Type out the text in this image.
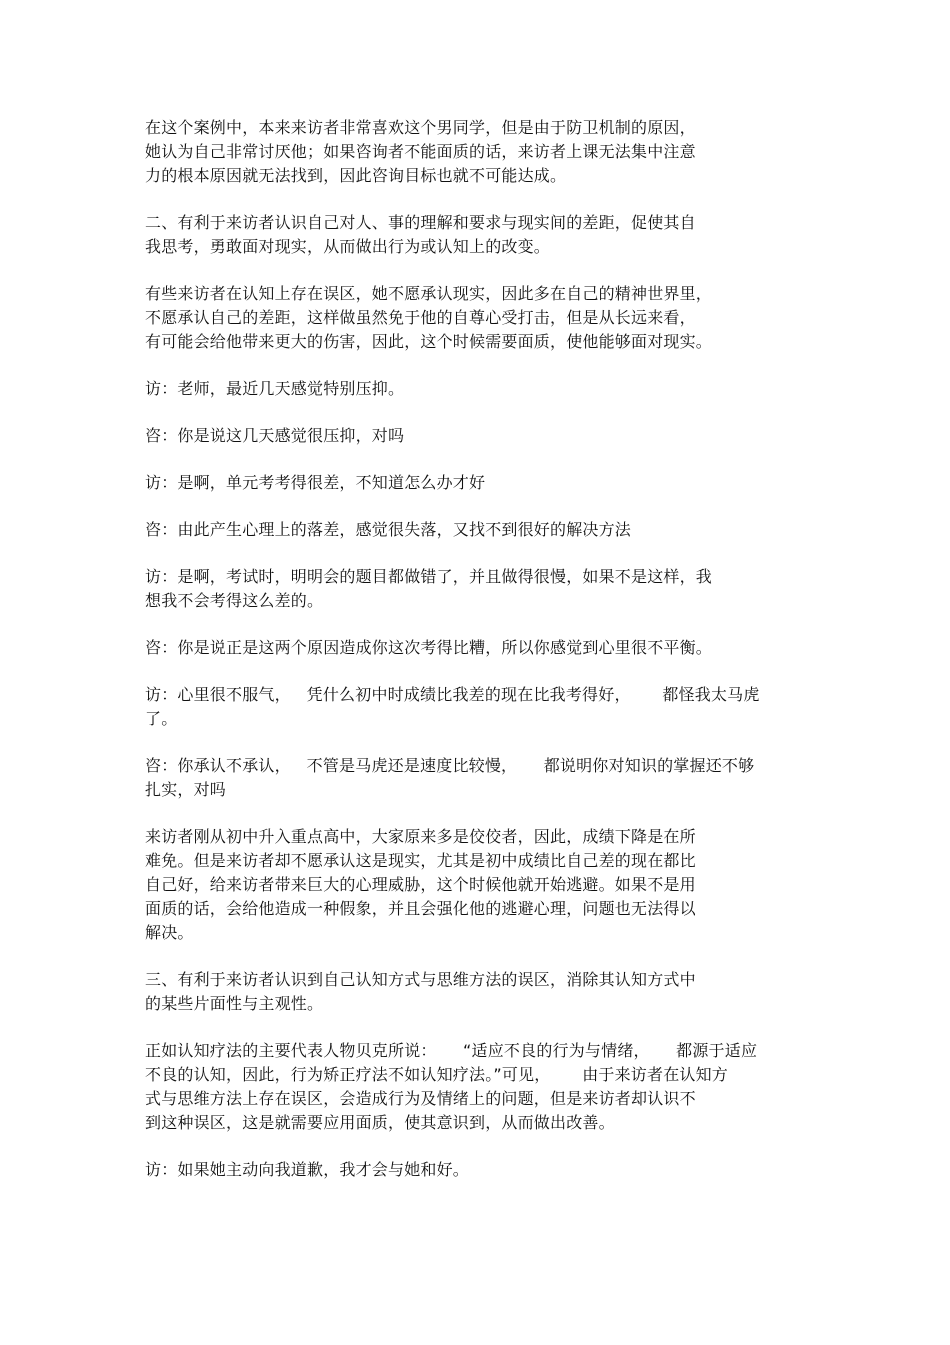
在这个案例中，本来来访者非常喜欢这个男同学，但是由于防卫机制的原因，
她认为自己非常讨厌他；如果咨询者不能面质的话，来访者上课无法集中注意
力的根本原因就无法找到，因此咨询目标也就不可能达成。
二、有利于来访者认识自己对人、事的理解和要求与现实间的差距，促使其自
我思考，勇敢面对现实，从而做出行为或认知上的改变。
有些来访者在认知上存在误区，她不愿承认现实，因此多在自己的精神世界里，
不愿承认自己的差距，这样做虽然免于他的自尊心受打击，但是从长远来看，
有可能会给他带来更大的伤害，因此，这个时候需要面质，使他能够面对现实。
访：老师，最近几天感觉特别压抑。
咨：你是说这几天感觉很压抑，对吗
访：是啊，单元考考得很差，不知道怎么办才好
咨：由此产生心理上的落差，感觉很失落，又找不到很好的解决方法
访：是啊，考试时，明明会的题目都做错了，并且做得很慢，如果不是这样，我
想我不会考得这么差的。
咨：你是说正是这两个原因造成你这次考得比糟，所以你感觉到心里很不平衡。
访：心里很不服气，   凭什么初中时成绩比我差的现在比我考得好，      都怪我太马虎
了。
咨：你承认不承认，   不管是马虎还是速度比较慢，     都说明你对知识的掌握还不够
扎实，对吗
来访者刚从初中升入重点高中，大家原来多是佼佼者，因此，成绩下降是在所
难免。但是来访者却不愿承认这是现实，尤其是初中成绩比自己差的现在都比
自己好，给来访者带来巨大的心理威胁，这个时候他就开始逃避。如果不是用
面质的话，会给他造成一种假象，并且会强化他的逃避心理，问题也无法得以
解决。
三、有利于来访者认识到自己认知方式与思维方法的误区，消除其认知方式中
的某些片面性与主观性。
正如认知疗法的主要代表人物贝克所说：     “适应不良的行为与情绪，     都源于适应
不良的认知，因此，行为矫正疗法不如认知疗法。”可见，      由于来访者在认知方
式与思维方法上存在误区，会造成行为及情绪上的问题，但是来访者却认识不
到这种误区，这是就需要应用面质，使其意识到，从而做出改善。
访：如果她主动向我道歉，我才会与她和好。
